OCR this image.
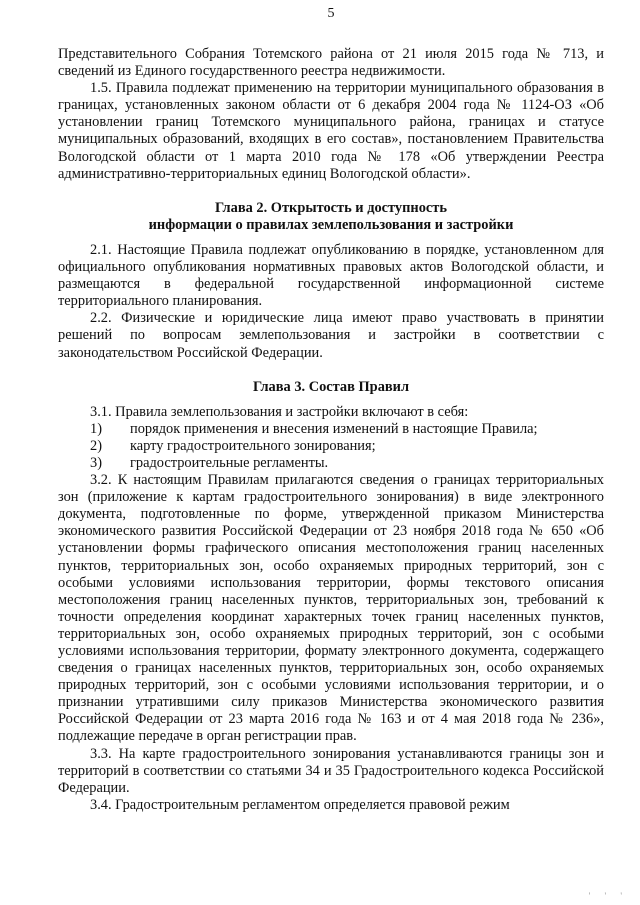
5

Представительного Собрания Тотемского района от 21 июля 2015 года № 713, и сведений из Единого государственного реестра недвижимости.

1.5. Правила подлежат применению на территории муниципального образования в границах, установленных законом области от 6 декабря 2004 года № 1124-ОЗ «Об установлении границ Тотемского муниципального района, границах и статусе муниципальных образований, входящих в его состав», постановлением Правительства Вологодской области от 1 марта 2010 года № 178 «Об утверждении Реестра административно-территориальных единиц Вологодской области».

Глава 2. Открытость и доступность
информации о правилах землепользования и застройки

2.1. Настоящие Правила подлежат опубликованию в порядке, установленном для официального опубликования нормативных правовых актов Вологодской области, и размещаются в федеральной государственной информационной системе территориального планирования.

2.2. Физические и юридические лица имеют право участвовать в принятии решений по вопросам землепользования и застройки в соответствии с законодательством Российской Федерации.

Глава 3. Состав Правил

3.1. Правила землепользования и застройки включают в себя:

1)	порядок применения и внесения изменений в настоящие Правила;
2)	карту градостроительного зонирования;
3)	градостроительные регламенты.

3.2. К настоящим Правилам прилагаются сведения о границах территориальных зон (приложение к картам градостроительного зонирования) в виде электронного документа, подготовленные по форме, утвержденной приказом Министерства экономического развития Российской Федерации от 23 ноября 2018 года № 650 «Об установлении формы графического описания местоположения границ населенных пунктов, территориальных зон, особо охраняемых природных территорий, зон с особыми условиями использования территории, формы текстового описания местоположения границ населенных пунктов, территориальных зон, требований к точности определения координат характерных точек границ населенных пунктов, территориальных зон, особо охраняемых природных территорий, зон с особыми условиями использования территории, формату электронного документа, содержащего сведения о границах населенных пунктов, территориальных зон, особо охраняемых природных территорий, зон с особыми условиями использования территории, и о признании утратившими силу приказов Министерства экономического развития Российской Федерации от 23 марта 2016 года № 163 и от 4 мая 2018 года № 236», подлежащие передаче в орган регистрации прав.

3.3. На карте градостроительного зонирования устанавливаются границы зон и территорий в соответствии со статьями 34 и 35 Градостроительного кодекса Российской Федерации.

3.4. Градостроительным регламентом определяется правовой режим

' ' '
